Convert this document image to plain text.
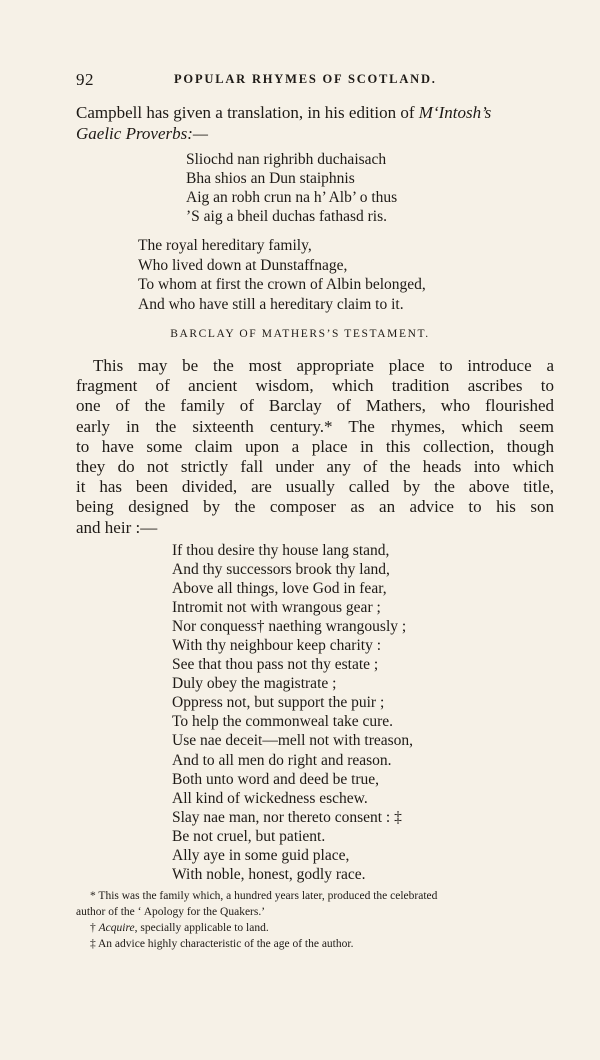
92	POPULAR RHYMES OF SCOTLAND.
Campbell has given a translation, in his edition of M‘Intosh’s
Gaelic Proverbs:—
Sliochd nan righribh duchaisach
Bha shios an Dun staiphnis
Aig an robh crun na h’ Alb’ o thus
’S aig a bheil duchas fathasd ris.
The royal hereditary family,
Who lived down at Dunstaffnage,
To whom at first the crown of Albin belonged,
And who have still a hereditary claim to it.
BARCLAY OF MATHERS’S TESTAMENT.
This may be the most appropriate place to introduce a
fragment of ancient wisdom, which tradition ascribes to
one of the family of Barclay of Mathers, who flourished
early in the sixteenth century.* The rhymes, which seem
to have some claim upon a place in this collection, though
they do not strictly fall under any of the heads into which
it has been divided, are usually called by the above title,
being designed by the composer as an advice to his son
and heir :—
If thou desire thy house lang stand,
And thy successors brook thy land,
Above all things, love God in fear,
Intromit not with wrangous gear ;
Nor conquess† naething wrangously ;
With thy neighbour keep charity :
See that thou pass not thy estate ;
Duly obey the magistrate ;
Oppress not, but support the puir ;
To help the commonweal take cure.
Use nae deceit—mell not with treason,
And to all men do right and reason.
Both unto word and deed be true,
All kind of wickedness eschew.
Slay nae man, nor thereto consent : ‡
Be not cruel, but patient.
Ally aye in some guid place,
With noble, honest, godly race.
* This was the family which, a hundred years later, produced the celebrated
author of the ‘ Apology for the Quakers.’
† Acquire, specially applicable to land.
‡ An advice highly characteristic of the age of the author.
